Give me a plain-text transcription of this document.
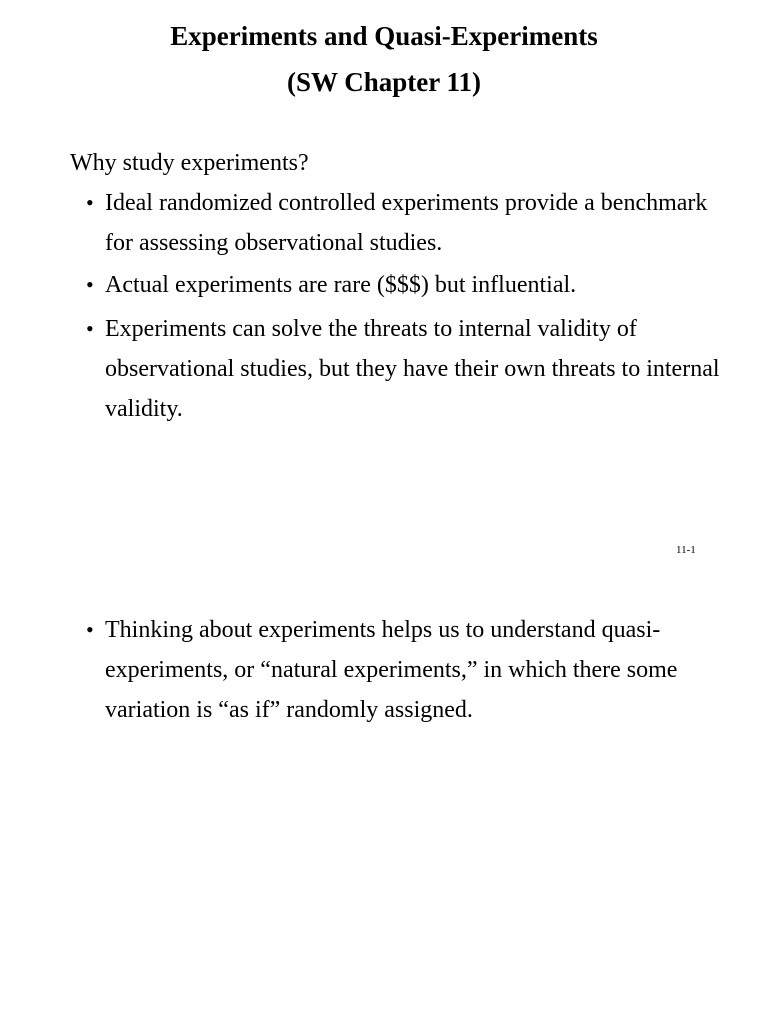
Experiments and Quasi-Experiments
(SW Chapter 11)
Why study experiments?
• Ideal randomized controlled experiments provide a benchmark for assessing observational studies.
• Actual experiments are rare ($$$) but influential.
• Experiments can solve the threats to internal validity of observational studies, but they have their own threats to internal validity.
11-1
• Thinking about experiments helps us to understand quasi-experiments, or “natural experiments,” in which there some variation is “as if” randomly assigned.
